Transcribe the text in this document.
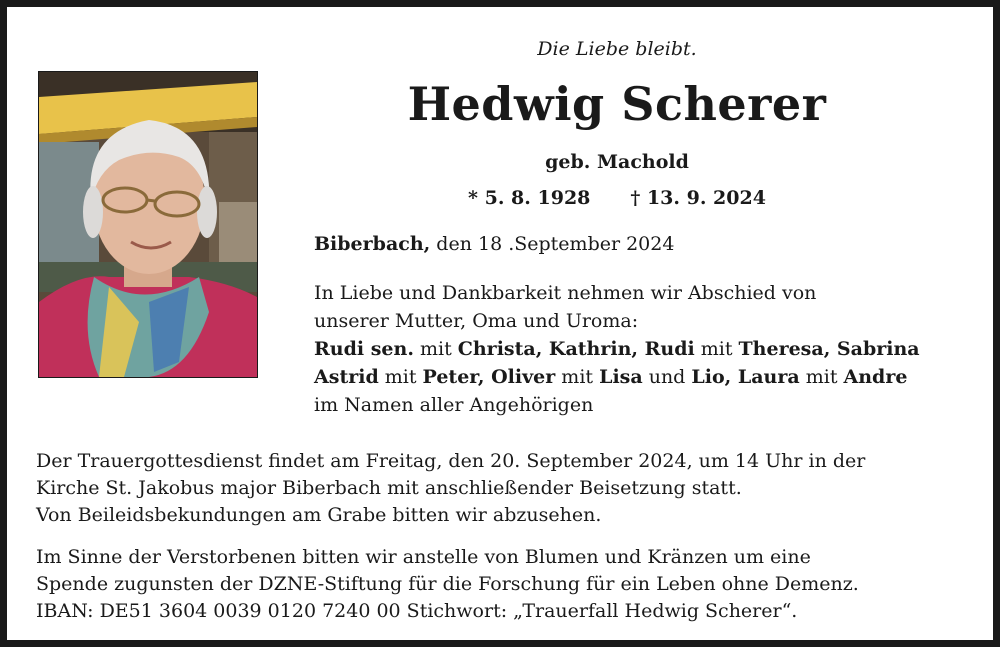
Die Liebe bleibt.
Hedwig Scherer
geb. Machold
* 5. 8. 1928 † 13. 9. 2024
Biberbach, den 18 .September 2024
In Liebe und Dankbarkeit nehmen wir Abschied von
unserer Mutter, Oma und Uroma:
Rudi sen. mit Christa, Kathrin, Rudi mit Theresa, Sabrina
Astrid mit Peter, Oliver mit Lisa und Lio, Laura mit Andre
im Namen aller Angehörigen
Der Trauergottesdienst findet am Freitag, den 20. September 2024, um 14 Uhr in der
Kirche St. Jakobus major Biberbach mit anschließender Beisetzung statt.
Von Beileidsbekundungen am Grabe bitten wir abzusehen.
Im Sinne der Verstorbenen bitten wir anstelle von Blumen und Kränzen um eine
Spende zugunsten der DZNE-Stiftung für die Forschung für ein Leben ohne Demenz.
IBAN: DE51 3604 0039 0120 7240 00 Stichwort: „Trauerfall Hedwig Scherer“.
